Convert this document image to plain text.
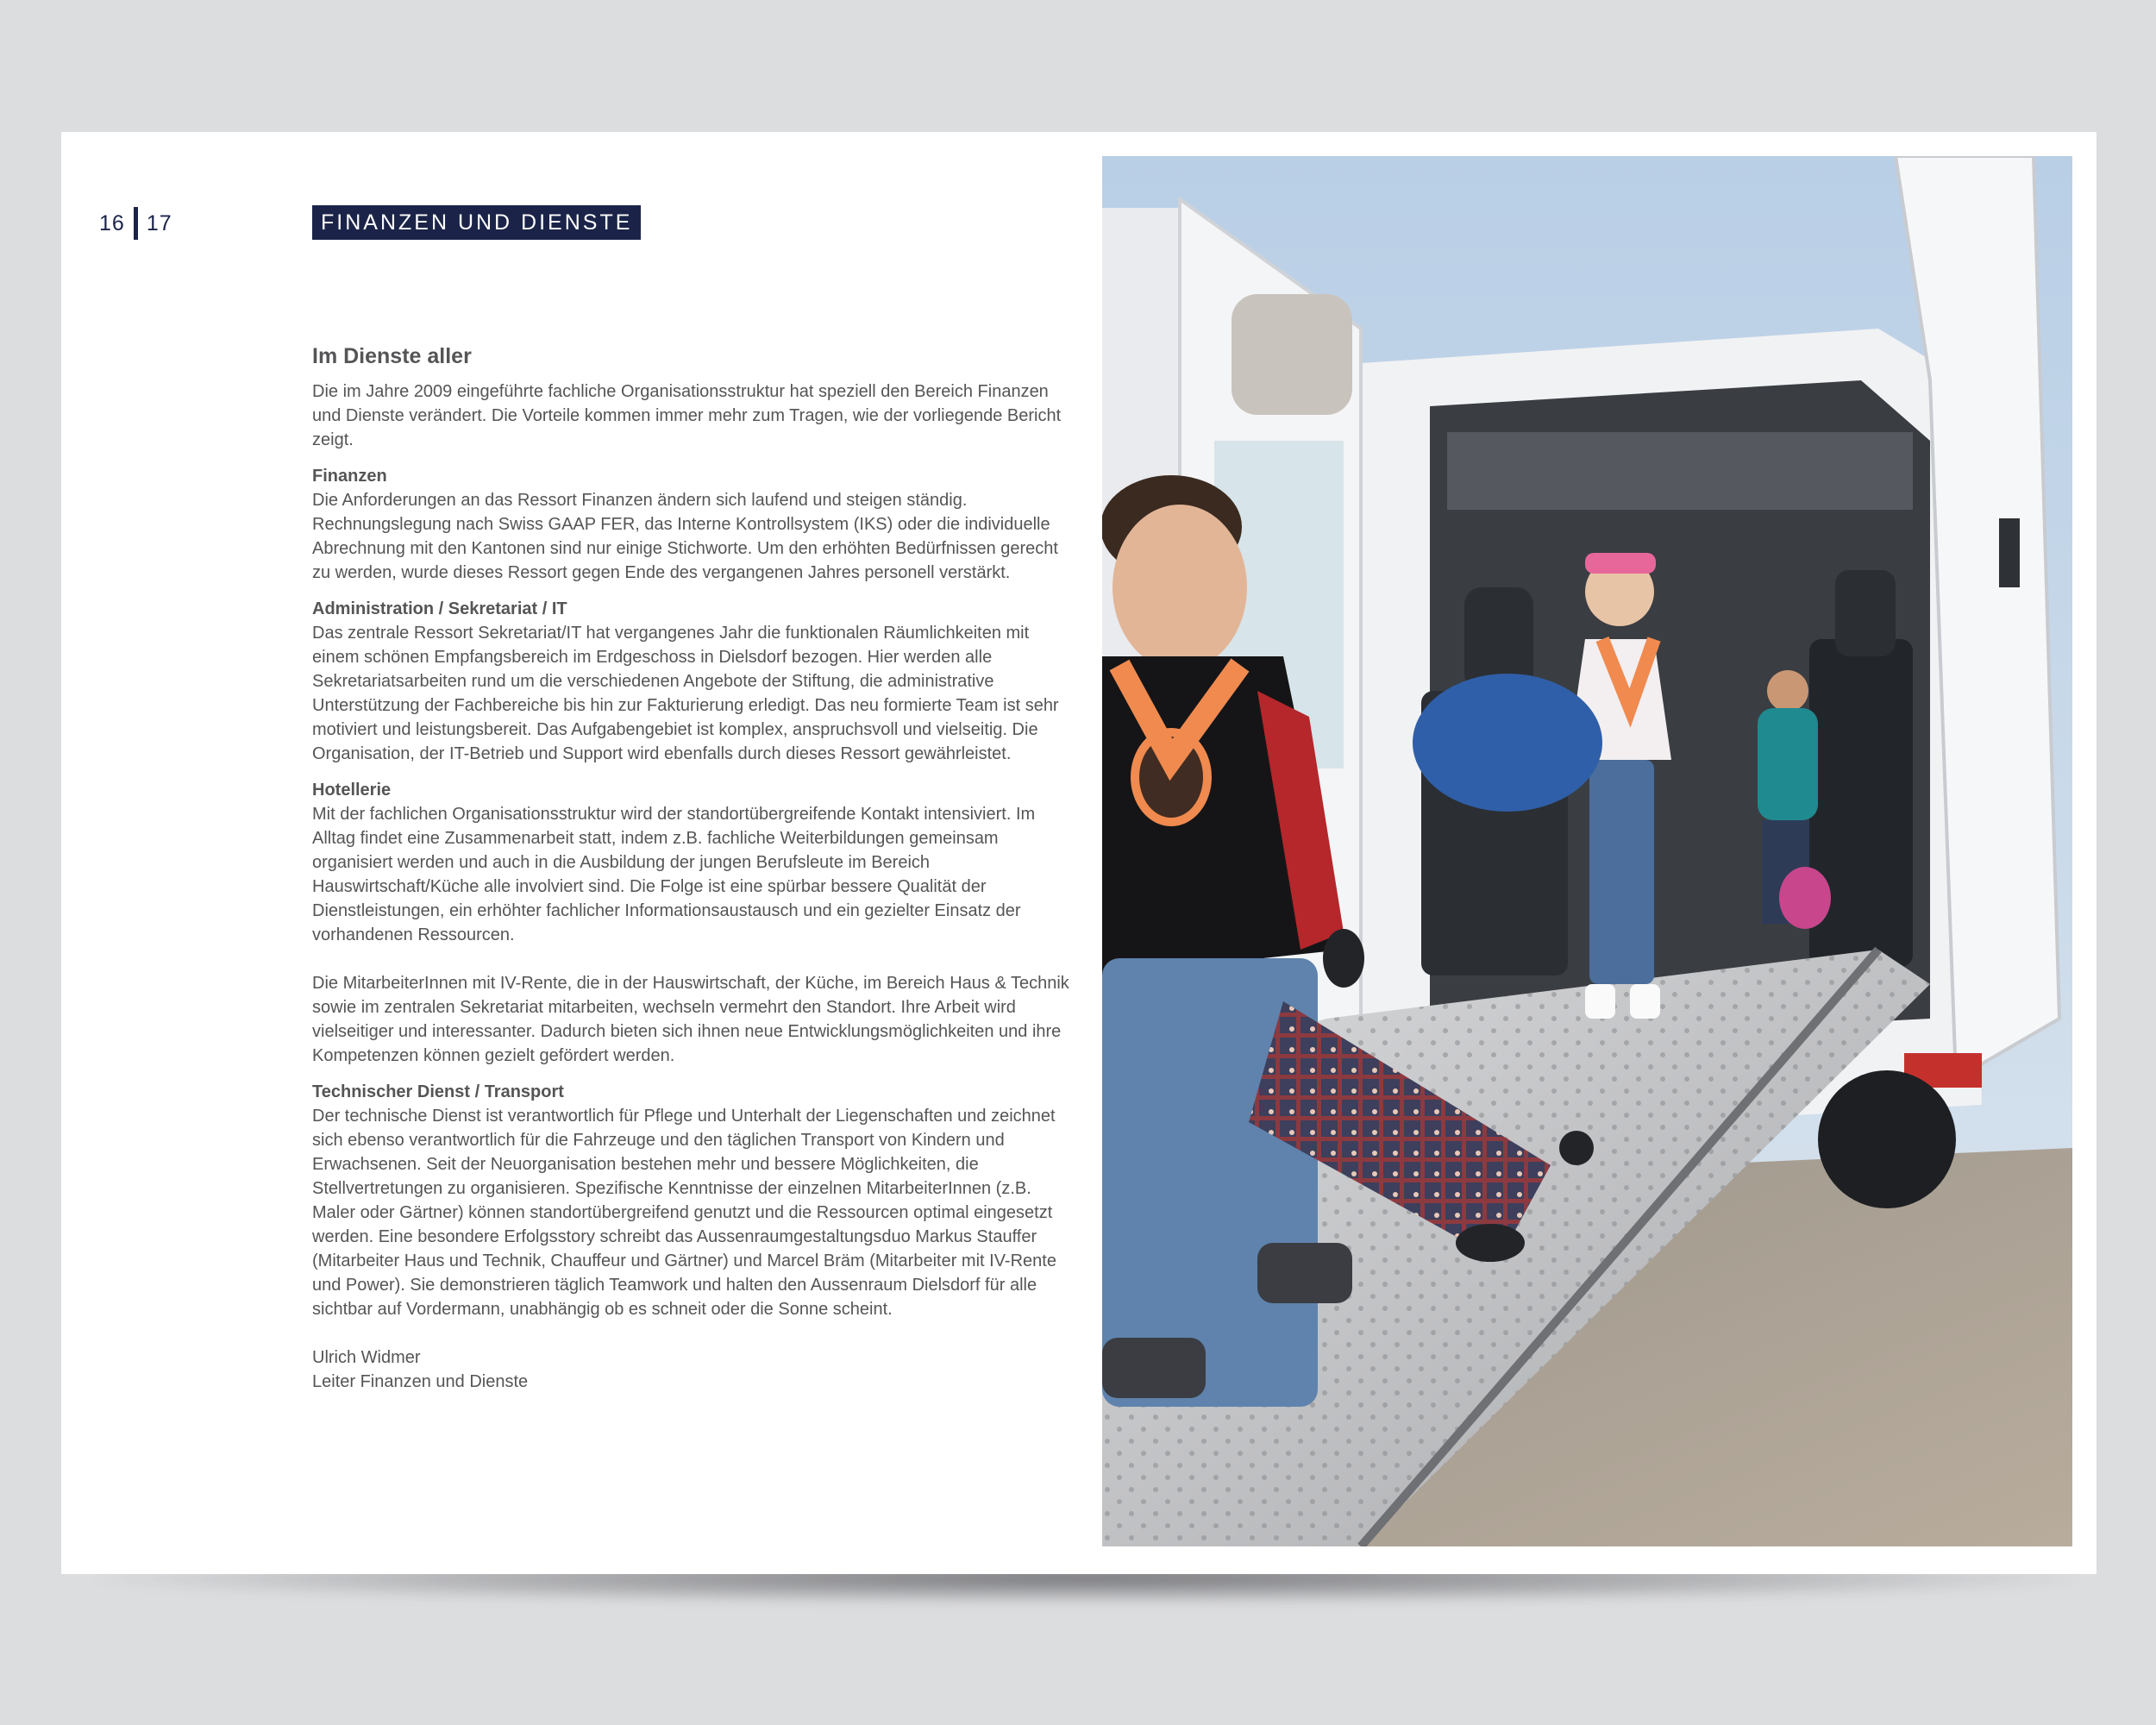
16 17	FINANZEN UND DIENSTE
Im Dienste aller

Die im Jahre 2009 eingeführte fachliche Organisationsstruktur hat speziell den Bereich Finanzen und Dienste verändert. Die Vorteile kommen immer mehr zum Tragen, wie der vorliegende Bericht zeigt.

Finanzen

Die Anforderungen an das Ressort Finanzen ändern sich laufend und steigen ständig. Rechnungslegung nach Swiss GAAP FER, das Interne Kontrollsystem (IKS) oder die individuelle Abrechnung mit den Kantonen sind nur einige Stichworte. Um den erhöhten Bedürfnissen gerecht zu werden, wurde dieses Ressort gegen Ende des vergangenen Jahres personell verstärkt.

Administration / Sekretariat / IT

Das zentrale Ressort Sekretariat/IT hat vergangenes Jahr die funktionalen Räumlichkeiten mit einem schönen Empfangsbereich im Erdgeschoss in Dielsdorf bezogen. Hier werden alle Sekretariatsarbeiten rund um die verschiedenen Angebote der Stiftung, die administrative Unterstützung der Fachbereiche bis hin zur Fakturierung erledigt. Das neu formierte Team ist sehr motiviert und leistungsbereit. Das Aufgabengebiet ist komplex, anspruchsvoll und vielseitig. Die Organisation, der IT-Betrieb und Support wird ebenfalls durch dieses Ressort gewährleistet.

Hotellerie

Mit der fachlichen Organisationsstruktur wird der standortübergreifende Kontakt intensiviert. Im Alltag findet eine Zusammenarbeit statt, indem z.B. fachliche Weiterbildungen gemeinsam organisiert werden und auch in die Ausbildung der jungen Berufsleute im Bereich Hauswirtschaft/Küche alle involviert sind. Die Folge ist eine spürbar bessere Qualität der Dienstleistungen, ein erhöhter fachlicher Informationsaustausch und ein gezielter Einsatz der vorhandenen Ressourcen.

Die MitarbeiterInnen mit IV-Rente, die in der Hauswirtschaft, der Küche, im Bereich Haus & Technik sowie im zentralen Sekretariat mitarbeiten, wechseln vermehrt den Standort. Ihre Arbeit wird vielseitiger und interessanter. Dadurch bieten sich ihnen neue Entwicklungsmöglichkeiten und ihre Kompetenzen können gezielt gefördert werden.

Technischer Dienst / Transport

Der technische Dienst ist verantwortlich für Pflege und Unterhalt der Liegenschaften und zeichnet sich ebenso verantwortlich für die Fahrzeuge und den täglichen Transport von Kindern und Erwachsenen. Seit der Neuorganisation bestehen mehr und bessere Möglichkeiten, die Stellvertretungen zu organisieren. Spezifische Kenntnisse der einzelnen MitarbeiterInnen (z.B. Maler oder Gärtner) können standortübergreifend genutzt und die Ressourcen optimal eingesetzt werden. Eine besondere Erfolgsstory schreibt das Aussenraumgestaltungsduo Markus Stauffer (Mitarbeiter Haus und Technik, Chauffeur und Gärtner) und Marcel Bräm (Mitarbeiter mit IV-Rente und Power). Sie demonstrieren täglich Teamwork und halten den Aussenraum Dielsdorf für alle sichtbar auf Vordermann, unabhängig ob es schneit oder die Sonne scheint.

Ulrich Widmer
Leiter Finanzen und Dienste
